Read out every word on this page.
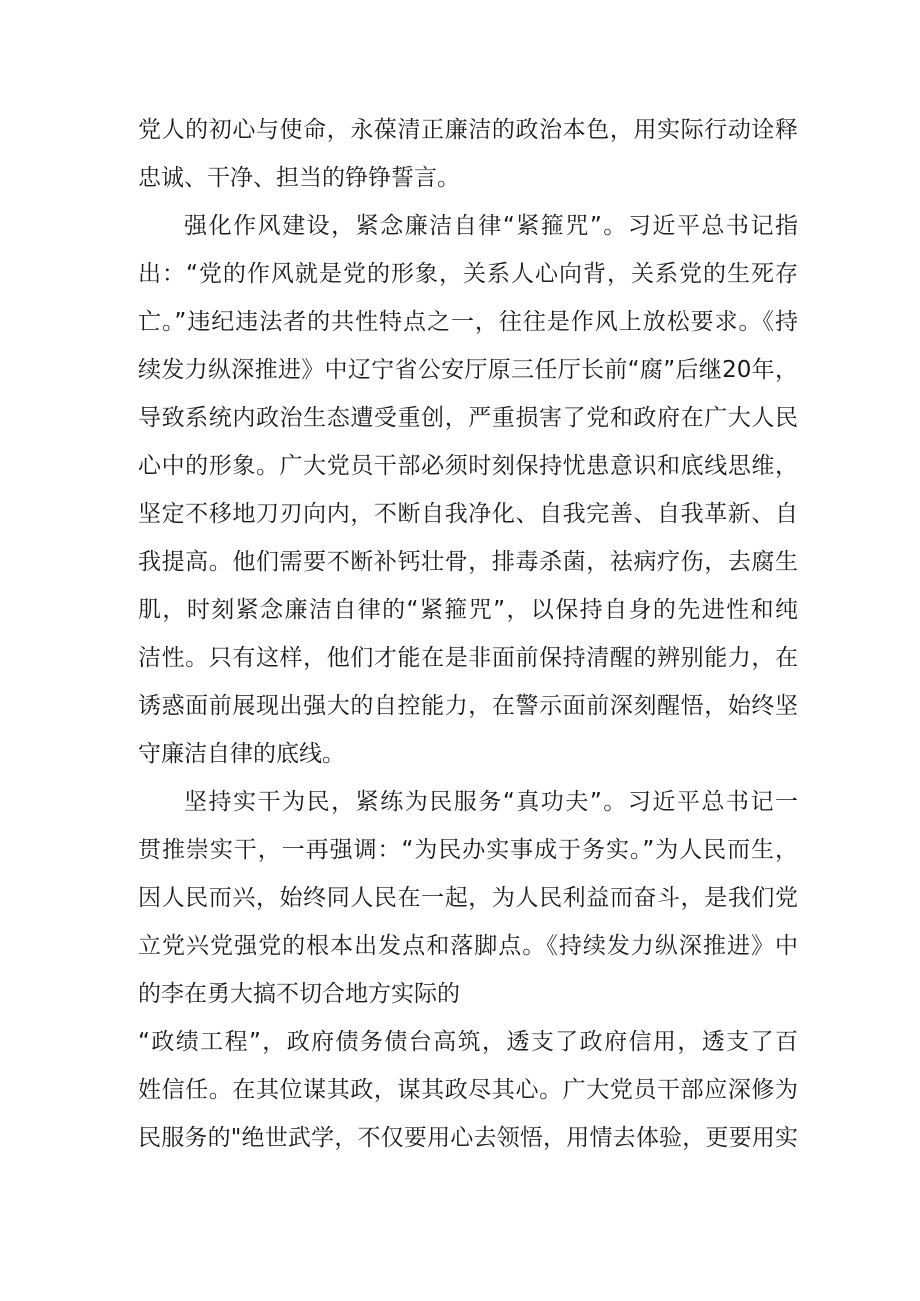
党人的初心与使命，永葆清正廉洁的政治本色，用实际行动诠释

忠诚、干净、担当的铮铮誓言。

强化作风建设，紧念廉洁自律“紧箍咒”。习近平总书记指

出：“党的作风就是党的形象，关系人心向背，关系党的生死存

亡。”违纪违法者的共性特点之一，往往是作风上放松要求。《持

续发力纵深推进》中辽宁省公安厅原三任厅长前“腐”后继20年，

导致系统内政治生态遭受重创，严重损害了党和政府在广大人民

心中的形象。广大党员干部必须时刻保持忧患意识和底线思维，

坚定不移地刀刃向内，不断自我净化、自我完善、自我革新、自

我提高。他们需要不断补钙壮骨，排毒杀菌，祛病疗伤，去腐生

肌，时刻紧念廉洁自律的“紧箍咒”，以保持自身的先进性和纯

洁性。只有这样，他们才能在是非面前保持清醒的辨别能力，在

诱惑面前展现出强大的自控能力，在警示面前深刻醒悟，始终坚

守廉洁自律的底线。

坚持实干为民，紧练为民服务“真功夫”。习近平总书记一

贯推崇实干，一再强调：“为民办实事成于务实。”为人民而生，

因人民而兴，始终同人民在一起，为人民利益而奋斗，是我们党

立党兴党强党的根本出发点和落脚点。《持续发力纵深推进》中

的李在勇大搞不切合地方实际的

“政绩工程”，政府债务债台高筑，透支了政府信用，透支了百

姓信任。在其位谋其政，谋其政尽其心。广大党员干部应深修为

民服务的"绝世武学，不仅要用心去领悟，用情去体验，更要用实
